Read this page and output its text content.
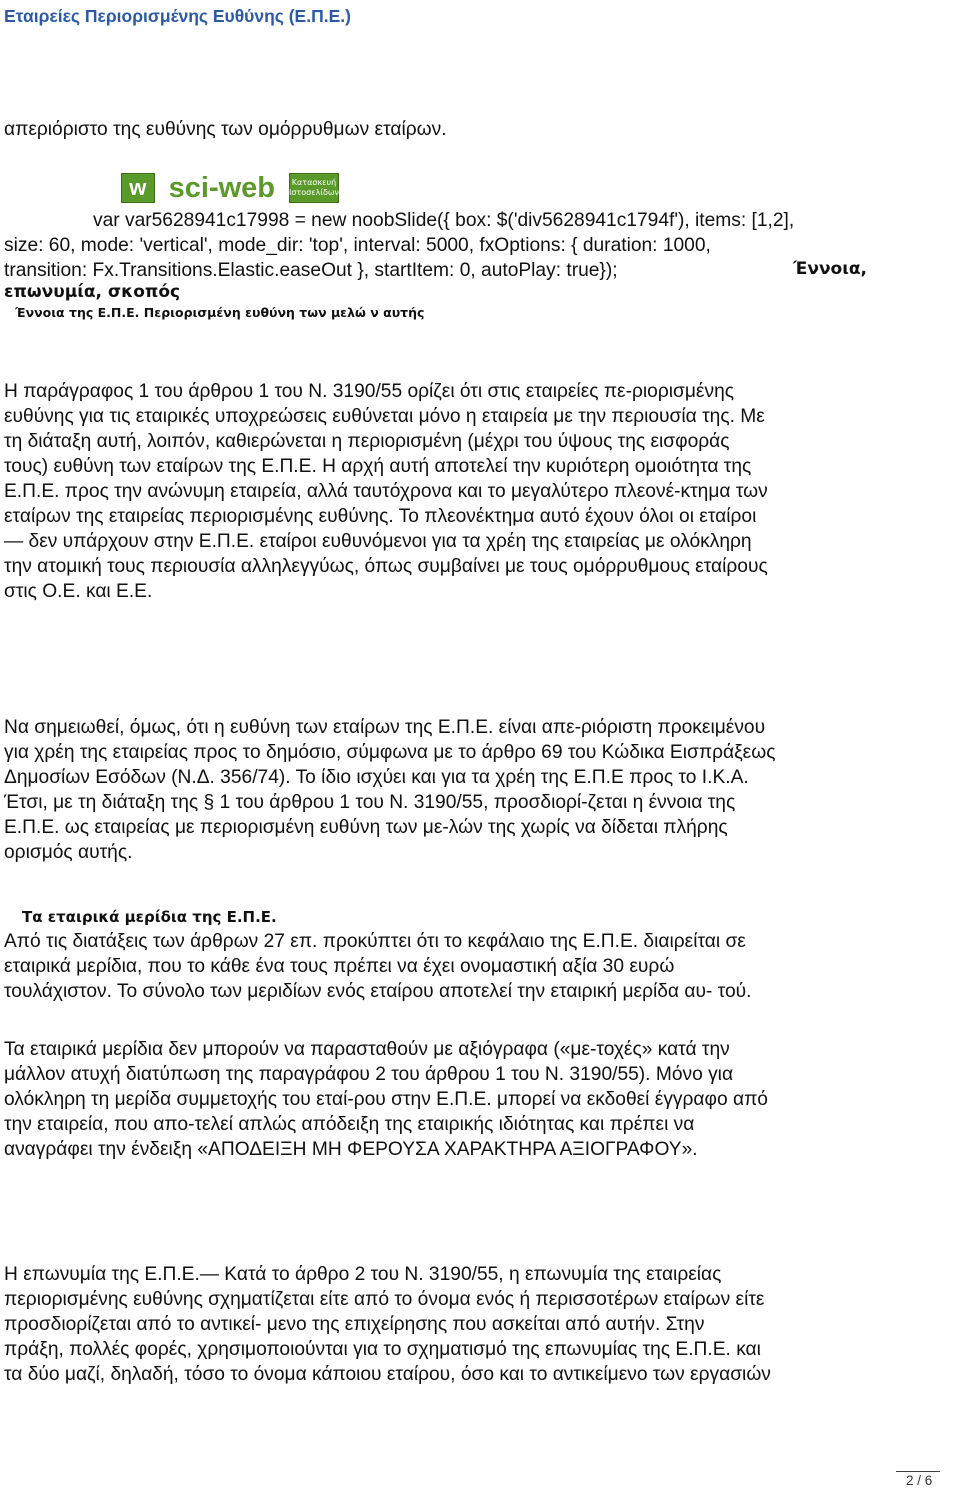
Εταιρείες Περιορισμένης Ευθύνης (Ε.Π.Ε.)

απεριόριστο της ευθύνης των ομόρρυθμων εταίρων.

w sci-web	Κατασκευή
Ιστοσελίδων

var var5628941c17998 = new noobSlide({ box: $('div5628941c1794f'), items: [1,2],

size: 60, mode: 'vertical', mode_dir: 'top', interval: 5000, fxOptions: { duration: 1000,

transition: Fx.Transitions.Elastic.easeOut }, startItem: 0, autoPlay: true});	Έννοια,

επωνυμία, σκοπός

Έννοια της Ε.Π.Ε. Περιορισμένη ευθύνη των μελώ ν αυτής

Η παράγραφος 1 του άρθρου 1 του Ν. 3190/55 ορίζει ότι στις εταιρείες πε-ριορισμένης

ευθύνης για τις εταιρικές υποχρεώσεις ευθύνεται μόνο η εταιρεία με την περιουσία της. Με

τη διάταξη αυτή, λοιπόν, καθιερώνεται η περιορισμένη (μέχρι του ύψους της εισφοράς

τους) ευθύνη των εταίρων της Ε.Π.Ε. Η αρχή αυτή αποτελεί την κυριότερη ομοιότητα της

Ε.Π.Ε. προς την ανώνυμη εταιρεία, αλλά ταυτόχρονα και το μεγαλύτερο πλεονέ-κτημα των

εταίρων της εταιρείας περιορισμένης ευθύνης. Το πλεονέκτημα αυτό έχουν όλοι οι εταίροι

— δεν υπάρχουν στην Ε.Π.Ε. εταίροι ευθυνόμενοι για τα χρέη της εταιρείας με ολόκληρη

την ατομική τους περιουσία αλληλεγγύως, όπως συμβαίνει με τους ομόρρυθμους εταίρους

στις Ο.Ε. και Ε.Ε.

Να σημειωθεί, όμως, ότι η ευθύνη των εταίρων της Ε.Π.Ε. είναι απε-ριόριστη προκειμένου

για χρέη της εταιρείας προς το δημόσιο, σύμφωνα με το άρθρο 69 του Κώδικα Εισπράξεως

Δημοσίων Εσόδων (Ν.Δ. 356/74). Το ίδιο ισχύει και για τα χρέη της Ε.Π.Ε προς το Ι.Κ.Α.

Έτσι, με τη διάταξη της § 1 του άρθρου 1 του Ν. 3190/55, προσδιορί-ζεται η έννοια της

Ε.Π.Ε. ως εταιρείας με περιορισμένη ευθύνη των με-λών της χωρίς να δίδεται πλήρης

ορισμός αυτής.

Τα εταιρικά μερίδια της Ε.Π.Ε.

Από τις διατάξεις των άρθρων 27 επ. προκύπτει ότι το κεφάλαιο της Ε.Π.Ε. διαιρείται σε

εταιρικά μερίδια, που το κάθε ένα τους πρέπει να έχει ονομαστική αξία 30 ευρώ

τουλάχιστον. Το σύνολο των μεριδίων ενός εταίρου αποτελεί την εταιρική μερίδα αυ- τού.

Τα εταιρικά μερίδια δεν μπορούν να παρασταθούν με αξιόγραφα («με-τοχές» κατά την

μάλλον ατυχή διατύπωση της παραγράφου 2 του άρθρου 1 του Ν. 3190/55). Μόνο για

ολόκληρη τη μερίδα συμμετοχής του εταί-ρου στην Ε.Π.Ε. μπορεί να εκδοθεί έγγραφο από

την εταιρεία, που απο-τελεί απλώς απόδειξη της εταιρικής ιδιότητας και πρέπει να

αναγράφει την ένδειξη «ΑΠΟΔΕΙΞΗ ΜΗ ΦΕΡΟΥΣΑ ΧΑΡΑΚΤΗΡΑ ΑΞΙΟΓΡΑΦΟΥ».

Η επωνυμία της Ε.Π.Ε.— Κατά το άρθρο 2 του Ν. 3190/55, η επωνυμία της εταιρείας

περιορισμένης ευθύνης σχηματίζεται είτε από το όνομα ενός ή περισσοτέρων εταίρων είτε

προσδιορίζεται από το αντικεί- μενο της επιχείρησης που ασκείται από αυτήν. Στην

πράξη, πολλές φορές, χρησιμοποιούνται για το σχηματισμό της επωνυμίας της Ε.Π.Ε. και

τα δύο μαζί, δηλαδή, τόσο το όνομα κάποιου εταίρου, όσο και το αντικείμενο των εργασιών

2 / 6
